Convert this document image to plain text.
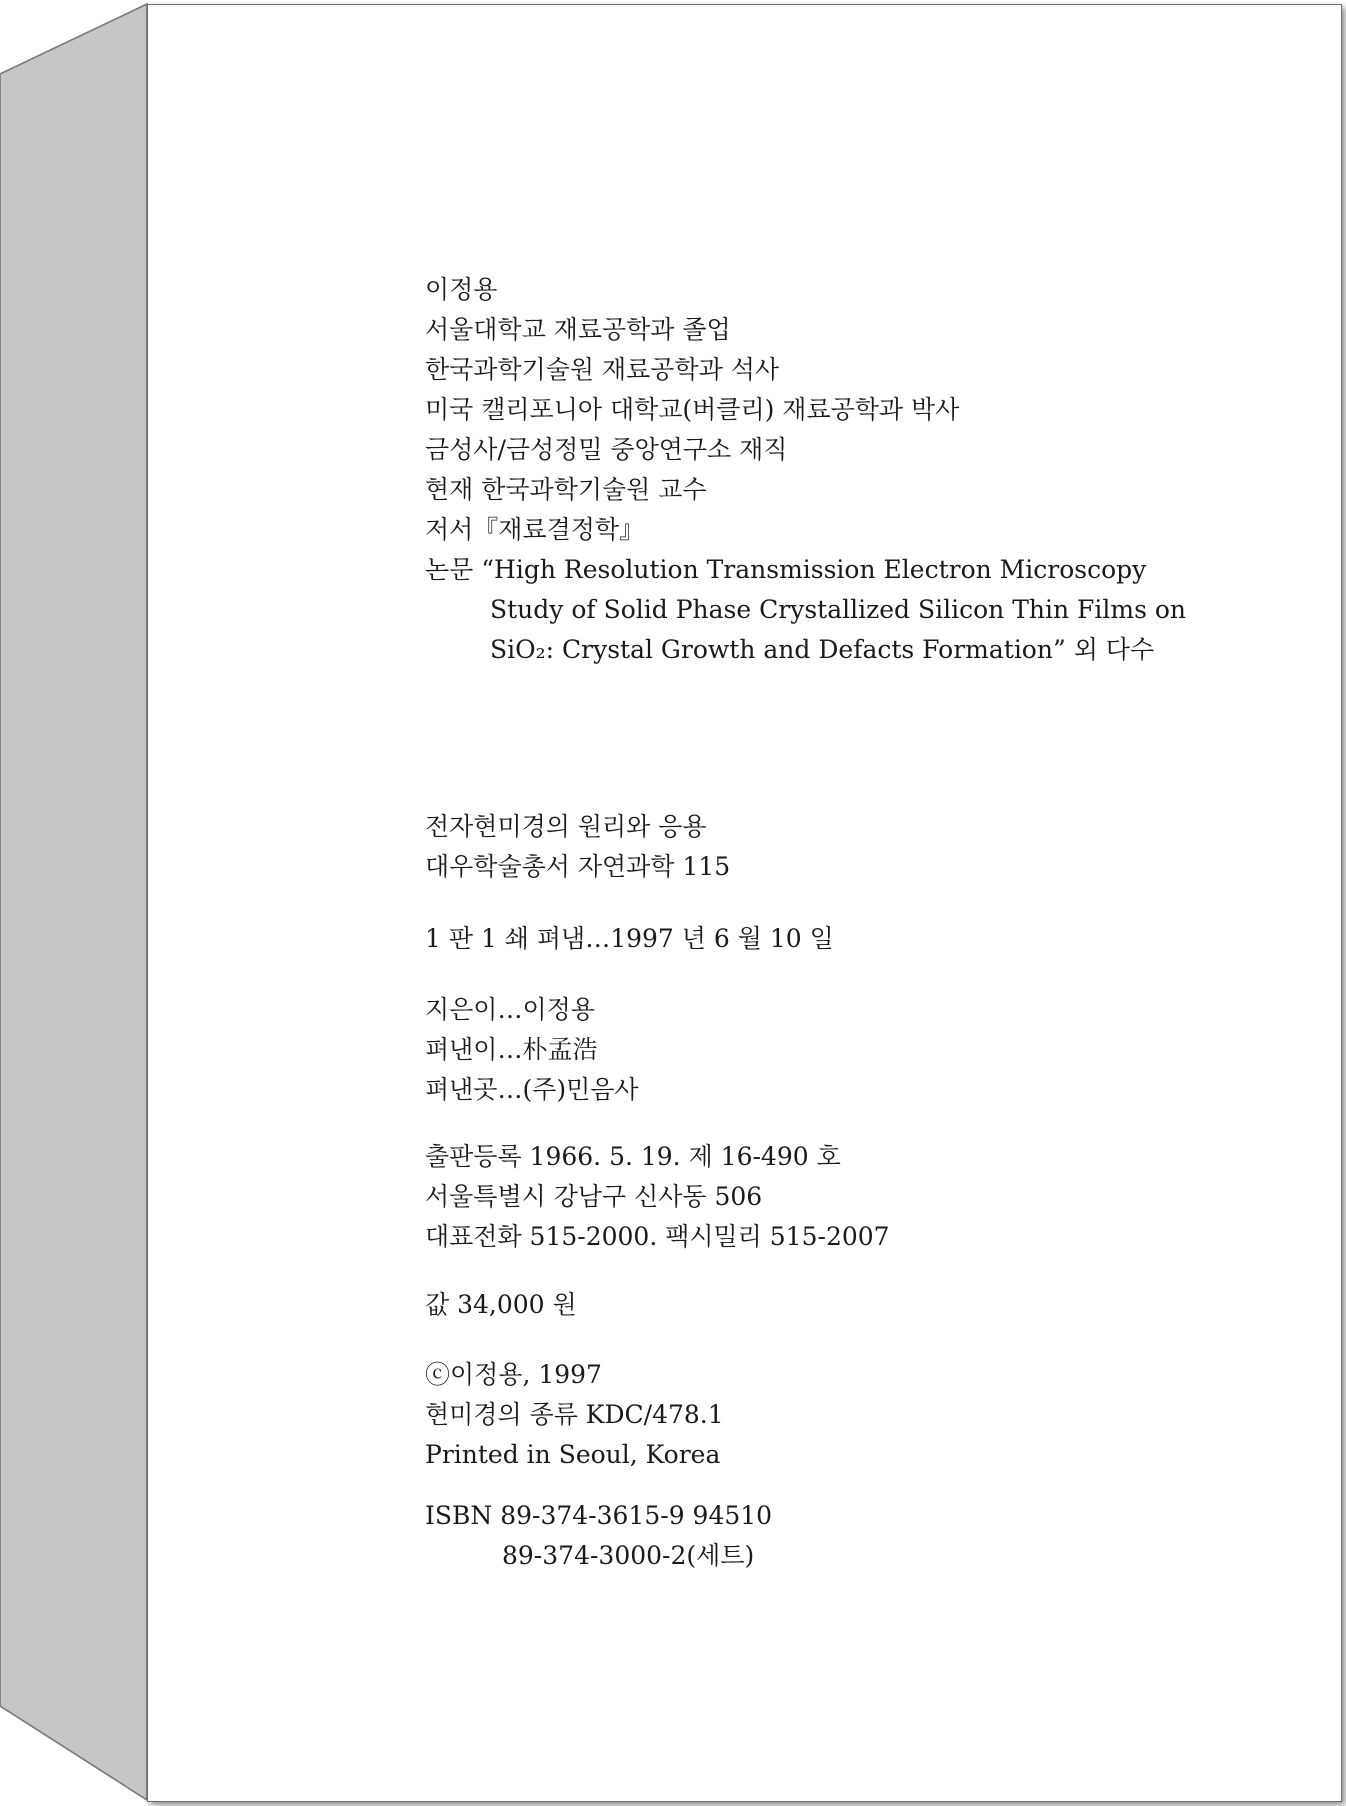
이정용
서울대학교 재료공학과 졸업
한국과학기술원 재료공학과 석사
미국 캘리포니아 대학교(버클리) 재료공학과 박사
금성사/금성정밀 중앙연구소 재직
현재 한국과학기술원 교수
저서『재료결정학』
논문 “High Resolution Transmission Electron Microscopy
Study of Solid Phase Crystallized Silicon Thin Films on
SiO₂: Crystal Growth and Defacts Formation” 외 다수
전자현미경의 원리와 응용
대우학술총서 자연과학 115
1 판 1 쇄 펴냄…1997 년 6 월 10 일
지은이…이정용
펴낸이…朴孟浩
펴낸곳…(주)민음사
출판등록 1966. 5. 19. 제 16-490 호
서울특별시 강남구 신사동 506
대표전화 515-2000. 팩시밀리 515-2007
값 34,000 원
ⓒ이정용, 1997
현미경의 종류 KDC/478.1
Printed in Seoul, Korea
ISBN 89-374-3615-9 94510
89-374-3000-2(세트)
